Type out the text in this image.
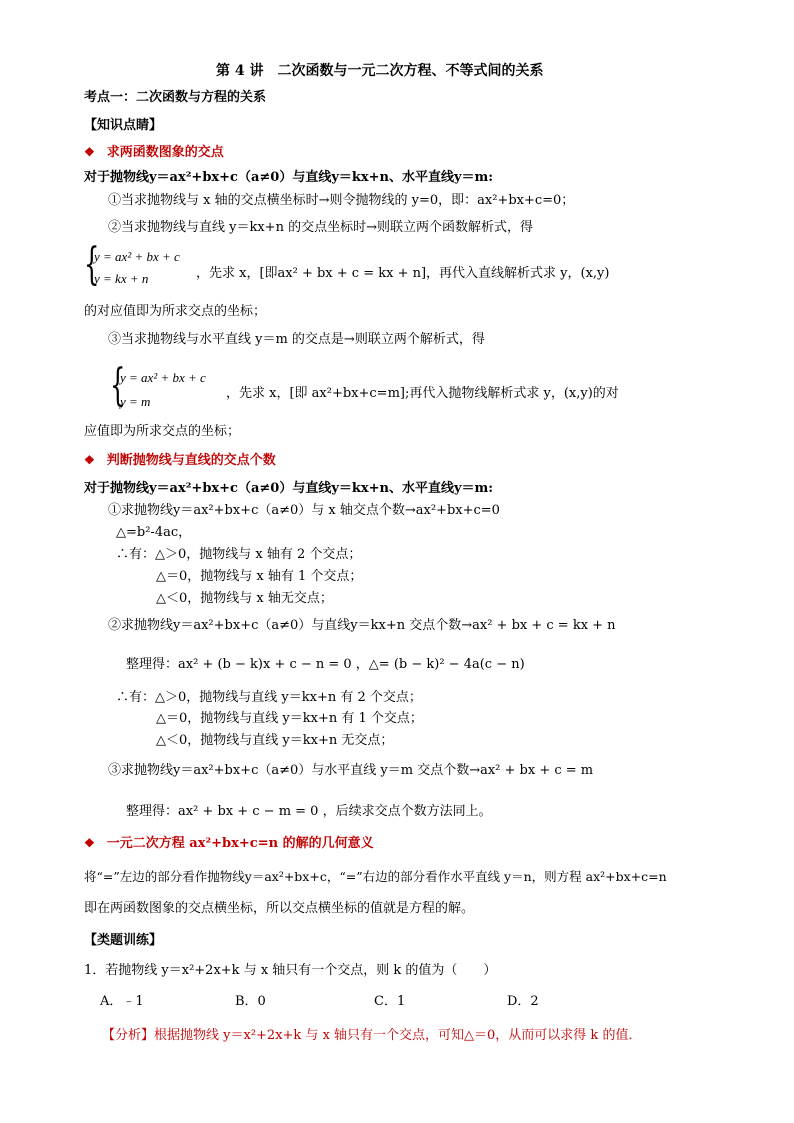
第 4 讲　二次函数与一元二次方程、不等式间的关系
考点一：二次函数与方程的关系
【知识点睛】
❖ 求两函数图象的交点
对于抛物线y＝ax²+bx+c（a≠0）与直线y＝kx+n、水平直线y＝m:
①当求抛物线与 x 轴的交点横坐标时→则令抛物线的 y=0，即：ax²+bx+c=0；
②当求抛物线与直线 y＝kx+n 的交点坐标时→则联立两个函数解析式，得
{
y = ax² + bx + c
y = kx + n	，先求 x，[即ax² + bx + c = kx + n]，再代入直线解析式求 y，(x,y)
的对应值即为所求交点的坐标；
③当求抛物线与水平直线 y＝m 的交点是→则联立两个解析式，得
{
y = ax² + bx + c
y = m
，先求 x，[即 ax²+bx+c=m];再代入抛物线解析式求 y，(x,y)的对
应值即为所求交点的坐标；
❖ 判断抛物线与直线的交点个数
对于抛物线y＝ax²+bx+c（a≠0）与直线y＝kx+n、水平直线y＝m:
①求抛物线y＝ax²+bx+c（a≠0）与 x 轴交点个数→ax²+bx+c=0
△=b²-4ac，
∴有：△＞0，抛物线与 x 轴有 2 个交点；
△＝0，抛物线与 x 轴有 1 个交点；
△＜0，抛物线与 x 轴无交点；
②求抛物线y＝ax²+bx+c（a≠0）与直线y＝kx+n 交点个数→ax² + bx + c = kx + n
整理得：ax² + (b − k)x + c − n = 0 ，△= (b − k)² − 4a(c − n)
∴有：△＞0，抛物线与直线 y＝kx+n 有 2 个交点；
△＝0，抛物线与直线 y＝kx+n 有 1 个交点；
△＜0，抛物线与直线 y＝kx+n 无交点；
③求抛物线y＝ax²+bx+c（a≠0）与水平直线 y＝m 交点个数→ax² + bx + c = m
整理得：ax² + bx + c − m = 0 ，后续求交点个数方法同上。
❖ 一元二次方程 ax²+bx+c=n 的解的几何意义
将“=”左边的部分看作抛物线y＝ax²+bx+c，“=”右边的部分看作水平直线 y＝n，则方程 ax²+bx+c=n
即在两函数图象的交点横坐标，所以交点横坐标的值就是方程的解。
【类题训练】
1．若抛物线 y＝x²+2x+k 与 x 轴只有一个交点，则 k 的值为（　　）
A．﹣1	B．0	C．1	D．2
【分析】根据抛物线 y＝x²+2x+k 与 x 轴只有一个交点，可知△＝0，从而可以求得 k 的值．
